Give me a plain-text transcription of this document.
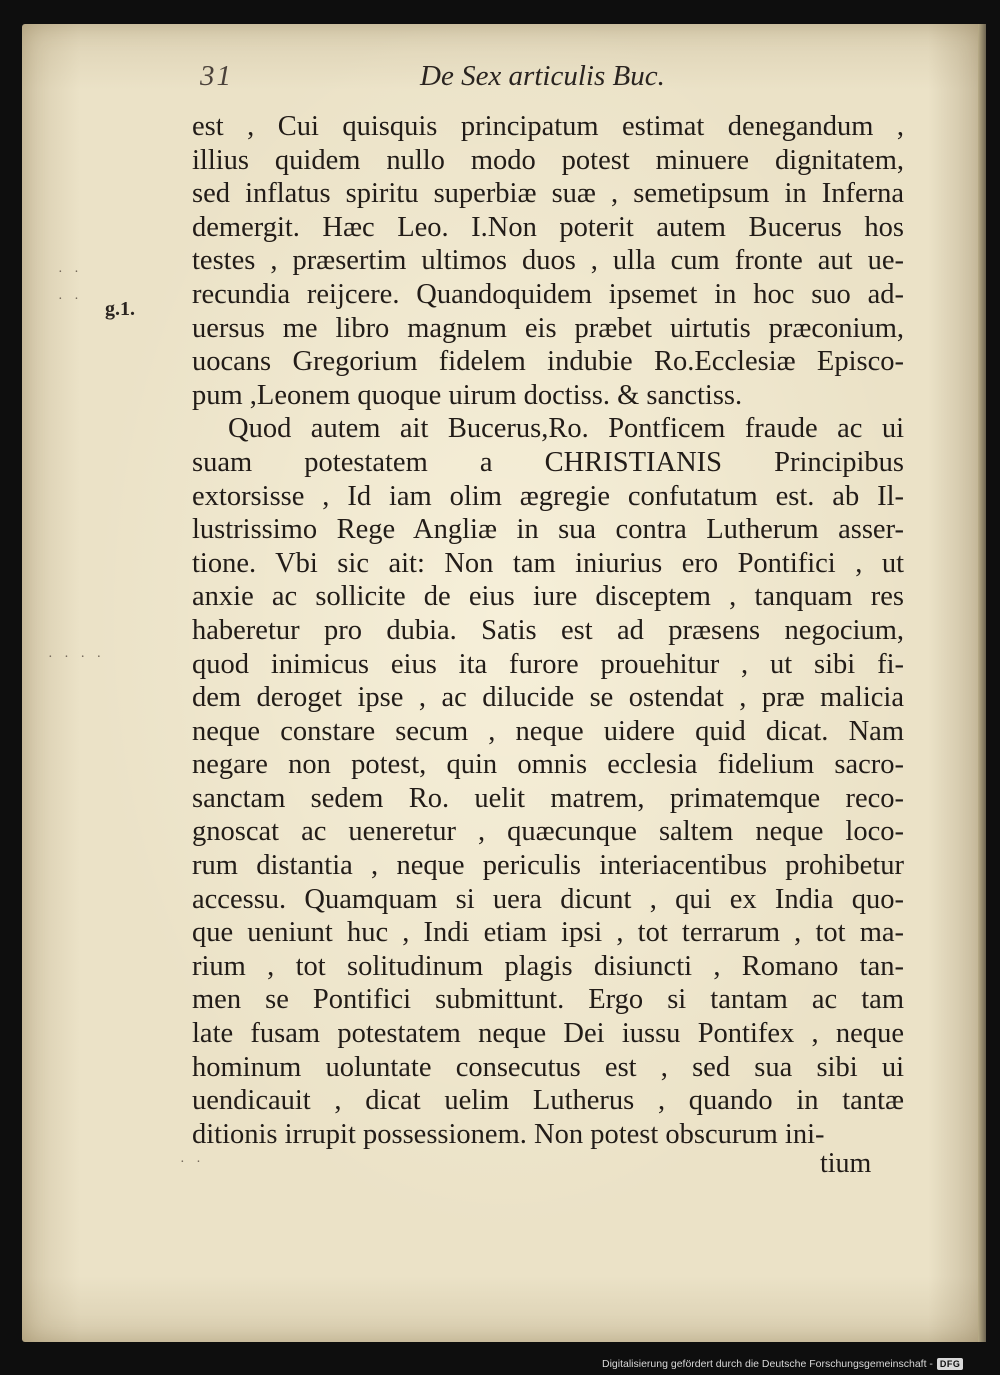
31	De Sex articulis Buc.
· ·
· ·
· · · ·
· ·
g.1.
est , Cui quisquis principatum estimat denegandum ,
illius quidem nullo modo potest minuere dignitatem,
sed inflatus spiritu superbiæ suæ , semetipsum in Inferna
demergit. Hæc Leo. I.Non poterit autem Bucerus hos
testes , præsertim ultimos duos , ulla cum fronte aut ue-
recundia reijcere. Quandoquidem ipsemet in hoc suo ad-
uersus me libro magnum eis præbet uirtutis præconium,
uocans Gregorium fidelem indubie Ro.Ecclesiæ Episco-
pum ,Leonem quoque uirum doctiss. & sanctiss.
Quod autem ait Bucerus,Ro. Pontficem fraude ac ui
suam potestatem a CHRISTIANIS Principibus
extorsisse , Id iam olim ægregie confutatum est. ab Il-
lustrissimo Rege Angliæ in sua contra Lutherum asser-
tione. Vbi sic ait: Non tam iniurius ero Pontifici , ut
anxie ac sollicite de eius iure disceptem , tanquam res
haberetur pro dubia. Satis est ad præsens negocium,
quod inimicus eius ita furore prouehitur , ut sibi fi-
dem deroget ipse , ac dilucide se ostendat , præ malicia
neque constare secum , neque uidere quid dicat. Nam
negare non potest, quin omnis ecclesia fidelium sacro-
sanctam sedem Ro. uelit matrem, primatemque reco-
gnoscat ac ueneretur , quæcunque saltem neque loco-
rum distantia , neque periculis interiacentibus prohibetur
accessu. Quamquam si uera dicunt , qui ex India quo-
que ueniunt huc , Indi etiam ipsi , tot terrarum , tot ma-
rium , tot solitudinum plagis disiuncti , Romano tan-
men se Pontifici submittunt. Ergo si tantam ac tam
late fusam potestatem neque Dei iussu Pontifex , neque
hominum uoluntate consecutus est , sed sua sibi ui
uendicauit , dicat uelim Lutherus , quando in tantæ
ditionis irrupit possessionem. Non potest obscurum ini-
tium
Digitalisierung gefördert durch die Deutsche Forschungsgemeinschaft - DFG
